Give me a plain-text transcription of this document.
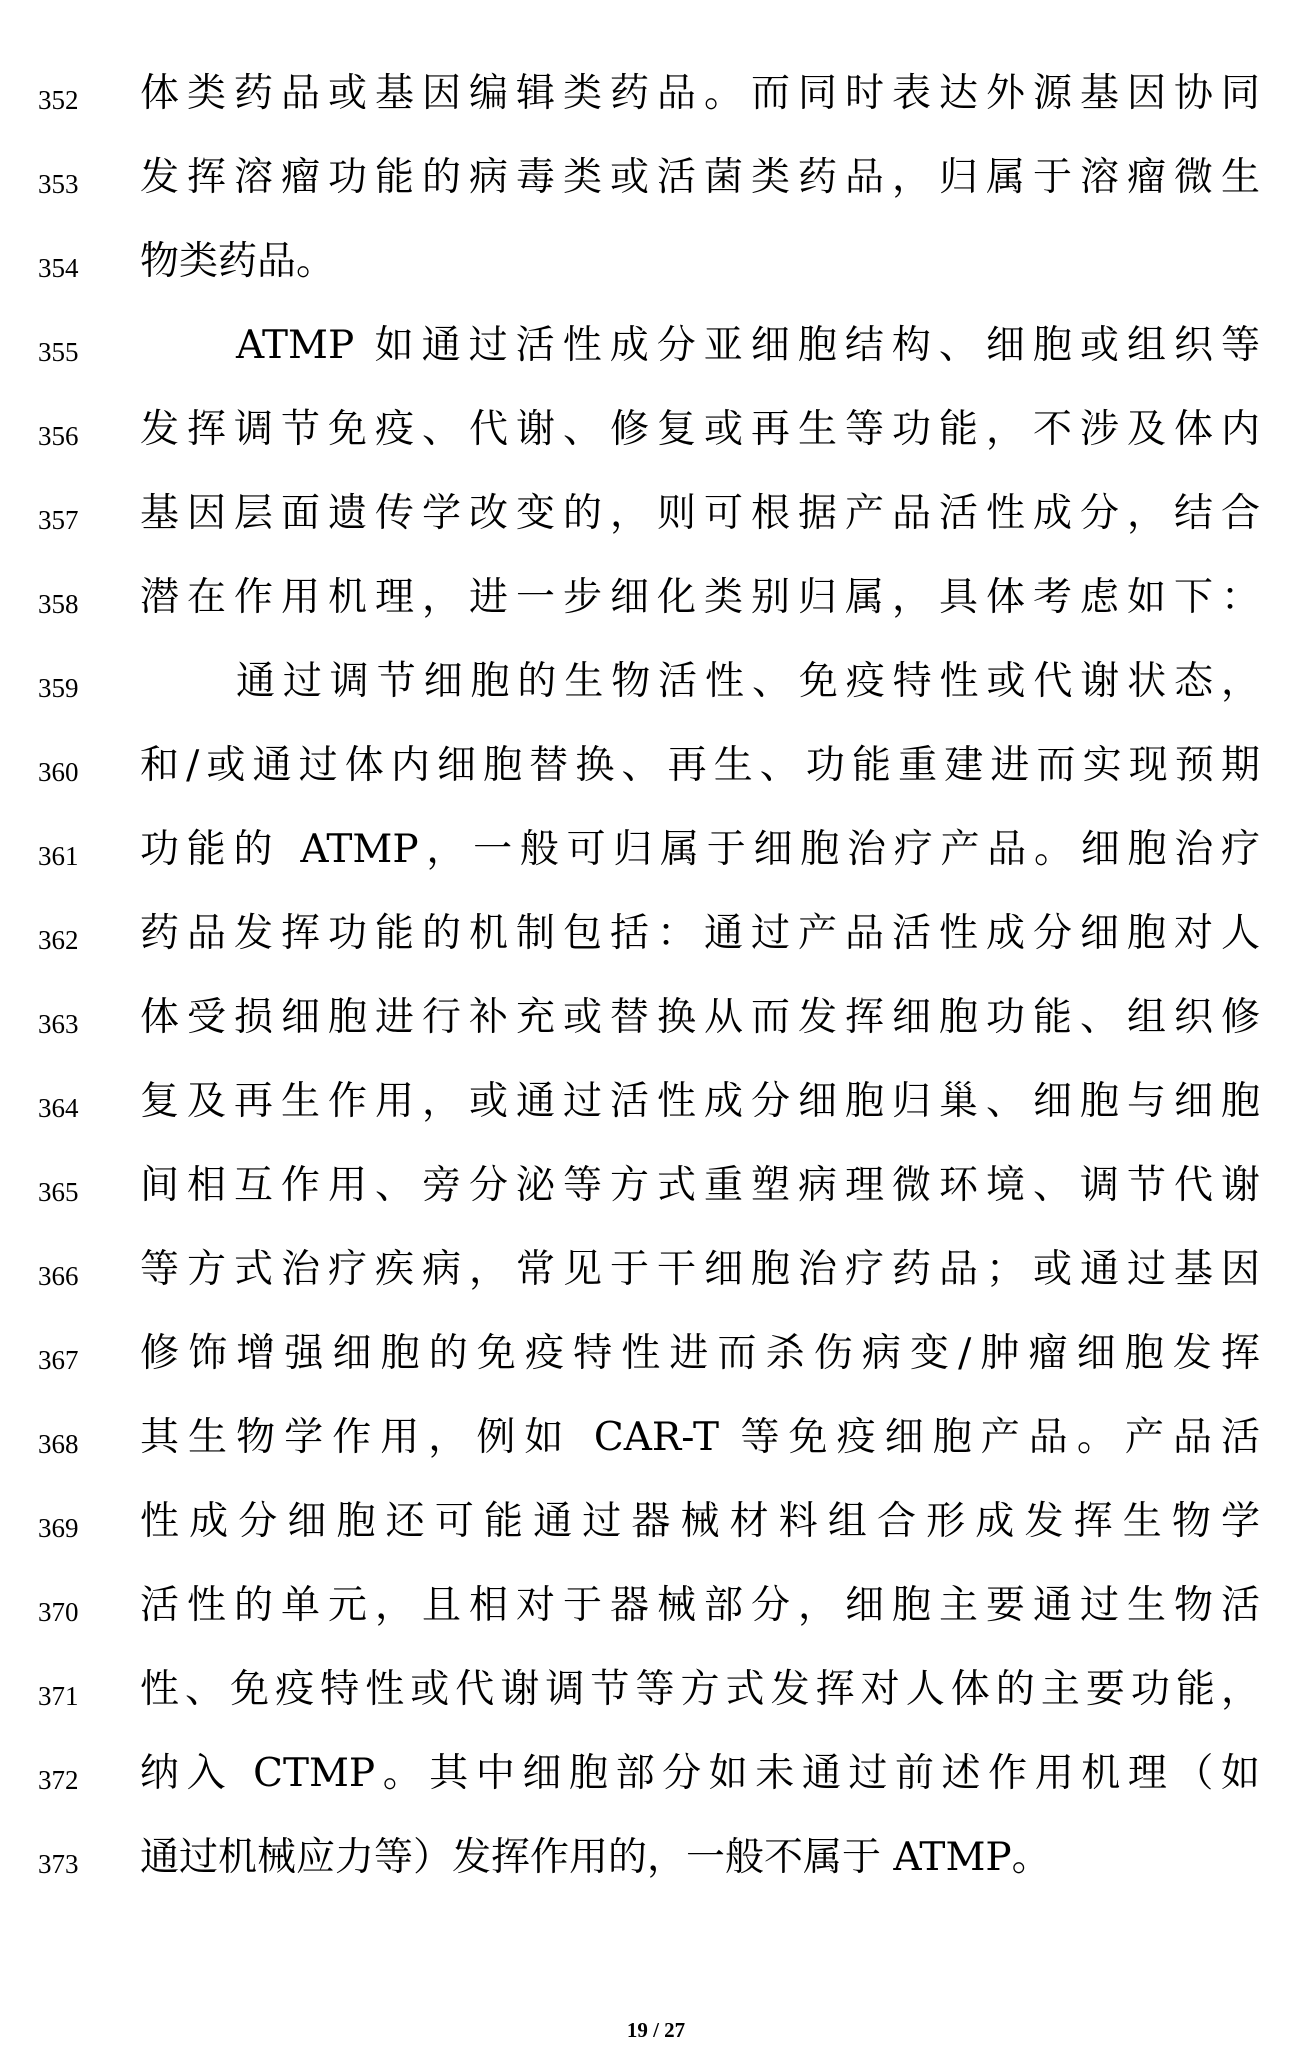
352	体类药品或基因编辑类药品。而同时表达外源基因协同
353	发挥溶瘤功能的病毒类或活菌类药品，归属于溶瘤微生
354	物类药品。
355	ATMP 如通过活性成分亚细胞结构、细胞或组织等
356	发挥调节免疫、代谢、修复或再生等功能，不涉及体内
357	基因层面遗传学改变的，则可根据产品活性成分，结合
358	潜在作用机理，进一步细化类别归属，具体考虑如下：
359	通过调节细胞的生物活性、免疫特性或代谢状态，
360	和/或通过体内细胞替换、再生、功能重建进而实现预期
361	功能的 ATMP，一般可归属于细胞治疗产品。细胞治疗
362	药品发挥功能的机制包括：通过产品活性成分细胞对人
363	体受损细胞进行补充或替换从而发挥细胞功能、组织修
364	复及再生作用，或通过活性成分细胞归巢、细胞与细胞
365	间相互作用、旁分泌等方式重塑病理微环境、调节代谢
366	等方式治疗疾病，常见于干细胞治疗药品；或通过基因
367	修饰增强细胞的免疫特性进而杀伤病变/肿瘤细胞发挥
368	其生物学作用，例如 CAR-T 等免疫细胞产品。产品活
369	性成分细胞还可能通过器械材料组合形成发挥生物学
370	活性的单元，且相对于器械部分，细胞主要通过生物活
371	性、免疫特性或代谢调节等方式发挥对人体的主要功能，
372	纳入 CTMP。其中细胞部分如未通过前述作用机理（如
373	通过机械应力等）发挥作用的，一般不属于 ATMP。
19 / 27
